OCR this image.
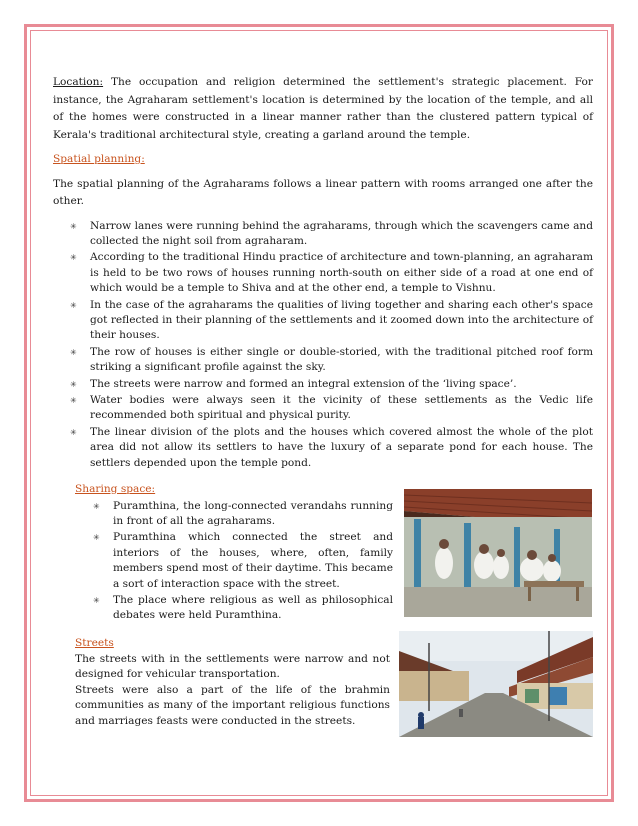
Location: The occupation and religion determined the settlement's strategic placement. For instance, the Agraharam settlement's location is determined by the location of the temple, and all of the homes were constructed in a linear manner rather than the clustered pattern typical of Kerala's traditional architectural style, creating a garland around the temple.

Spatial planning:

The spatial planning of the Agraharams follows a linear pattern with rooms arranged one after the other.

✳ Narrow lanes were running behind the agraharams, through which the scavengers came and collected the night soil from agraharam.
✳ According to the traditional Hindu practice of architecture and town-planning, an agraharam is held to be two rows of houses running north-south on either side of a road at one end of which would be a temple to Shiva and at the other end, a temple to Vishnu.
✳ In the case of the agraharams the qualities of living together and sharing each other's space got reflected in their planning of the settlements and it zoomed down into the architecture of their houses.
✳ The row of houses is either single or double-storied, with the traditional pitched roof form striking a significant profile against the sky.
✳ The streets were narrow and formed an integral extension of the ‘living space’.
✳ Water bodies were always seen it the vicinity of these settlements as the Vedic life recommended both spiritual and physical purity.
✳ The linear division of the plots and the houses which covered almost the whole of the plot area did not allow its settlers to have the luxury of a separate pond for each house. The settlers depended upon the temple pond.

Sharing space:

✳ Puramthina, the long-connected verandahs running in front of all the agraharams.
✳ Puramthina which connected the street and interiors of the houses, where, often, family members spend most of their daytime. This became a sort of interaction space with the street.
✳ The place where religious as well as philosophical debates were held Puramthina.

Streets

The streets with in the settlements were narrow and not designed for vehicular transportation.

Streets were also a part of the life of the brahmin communities as many of the important religious functions and marriages feasts were conducted in the streets.
